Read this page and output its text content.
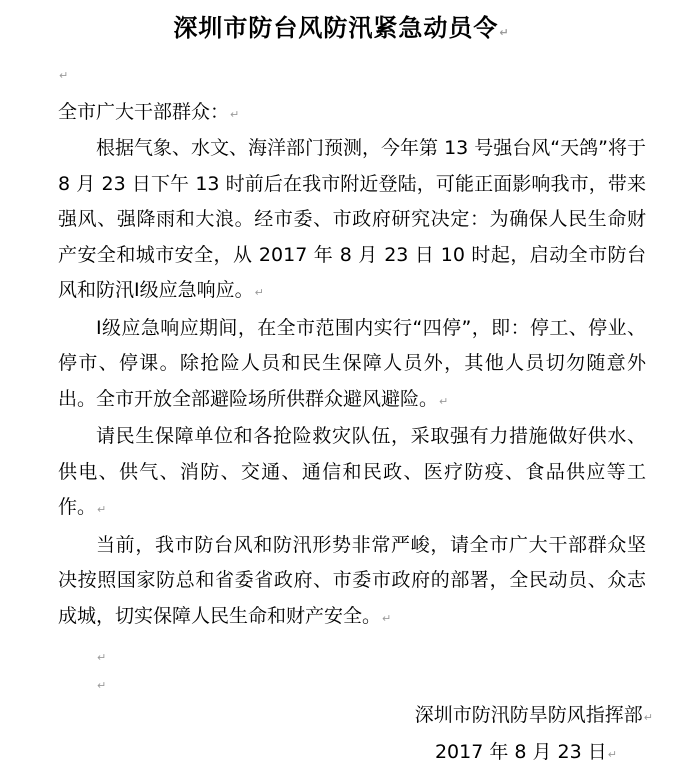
深圳市防台风防汛紧急动员令↵
↵
全市广大干部群众：↵

根据气象、水文、海洋部门预测，今年第 13 号强台风“天鸽”将于 8 月 23 日下午 13 时前后在我市附近登陆，可能正面影响我市，带来强风、强降雨和大浪。经市委、市政府研究决定：为确保人民生命财产安全和城市安全，从 2017 年 8 月 23 日 10 时起，启动全市防台风和防汛Ⅰ级应急响应。↵

Ⅰ级应急响应期间，在全市范围内实行“四停”，即：停工、停业、停市、停课。除抢险人员和民生保障人员外，其他人员切勿随意外出。全市开放全部避险场所供群众避风避险。↵

请民生保障单位和各抢险救灾队伍，采取强有力措施做好供水、供电、供气、消防、交通、通信和民政、医疗防疫、食品供应等工作。↵

当前，我市防台风和防汛形势非常严峻，请全市广大干部群众坚决按照国家防总和省委省政府、市委市政府的部署，全民动员、众志成城，切实保障人民生命和财产安全。↵

↵
↵
深圳市防汛防旱防风指挥部↵
2017 年 8 月 23 日↵
